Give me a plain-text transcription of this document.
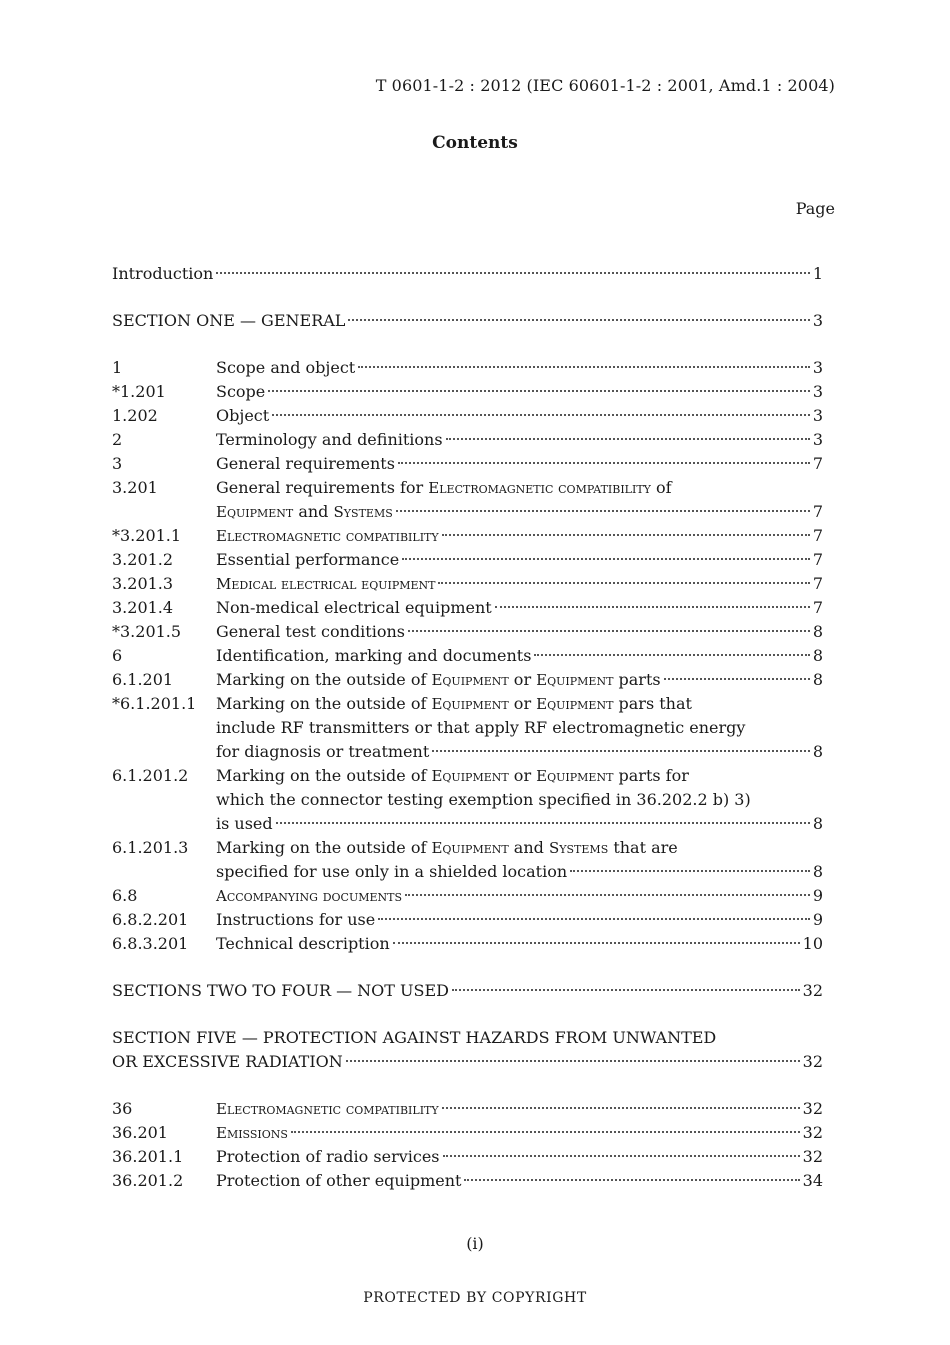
T 0601-1-2 : 2012 (IEC 60601-1-2 : 2001, Amd.1 : 2004)
Contents
Page
Introduction	1
SECTION ONE — GENERAL	3
1	Scope and object	3
*1.201	Scope	3
1.202	Object	3
2	Terminology and definitions	3
3	General requirements	7
3.201	General requirements for Electromagnetic compatibility of
Equipment and Systems	7
*3.201.1	Electromagnetic compatibility	7
3.201.2	Essential performance	7
3.201.3	Medical electrical equipment	7
3.201.4	Non-medical electrical equipment	7
*3.201.5	General test conditions	8
6	Identification, marking and documents	8
6.1.201	Marking on the outside of Equipment or Equipment parts	8
*6.1.201.1	Marking on the outside of Equipment or Equipment pars that
include RF transmitters or that apply RF electromagnetic energy
for diagnosis or treatment	8
6.1.201.2	Marking on the outside of Equipment or Equipment parts for
which the connector testing exemption specified in 36.202.2 b) 3)
is used	8
6.1.201.3	Marking on the outside of Equipment and Systems that are
specified for use only in a shielded location	8
6.8	Accompanying documents	9
6.8.2.201	Instructions for use	9
6.8.3.201	Technical description	10
SECTIONS TWO TO FOUR — NOT USED	32
SECTION FIVE — PROTECTION AGAINST HAZARDS FROM UNWANTED
OR EXCESSIVE RADIATION	32
36	Electromagnetic compatibility	32
36.201	Emissions	32
36.201.1	Protection of radio services	32
36.201.2	Protection of other equipment	34
(i)
PROTECTED BY COPYRIGHT
